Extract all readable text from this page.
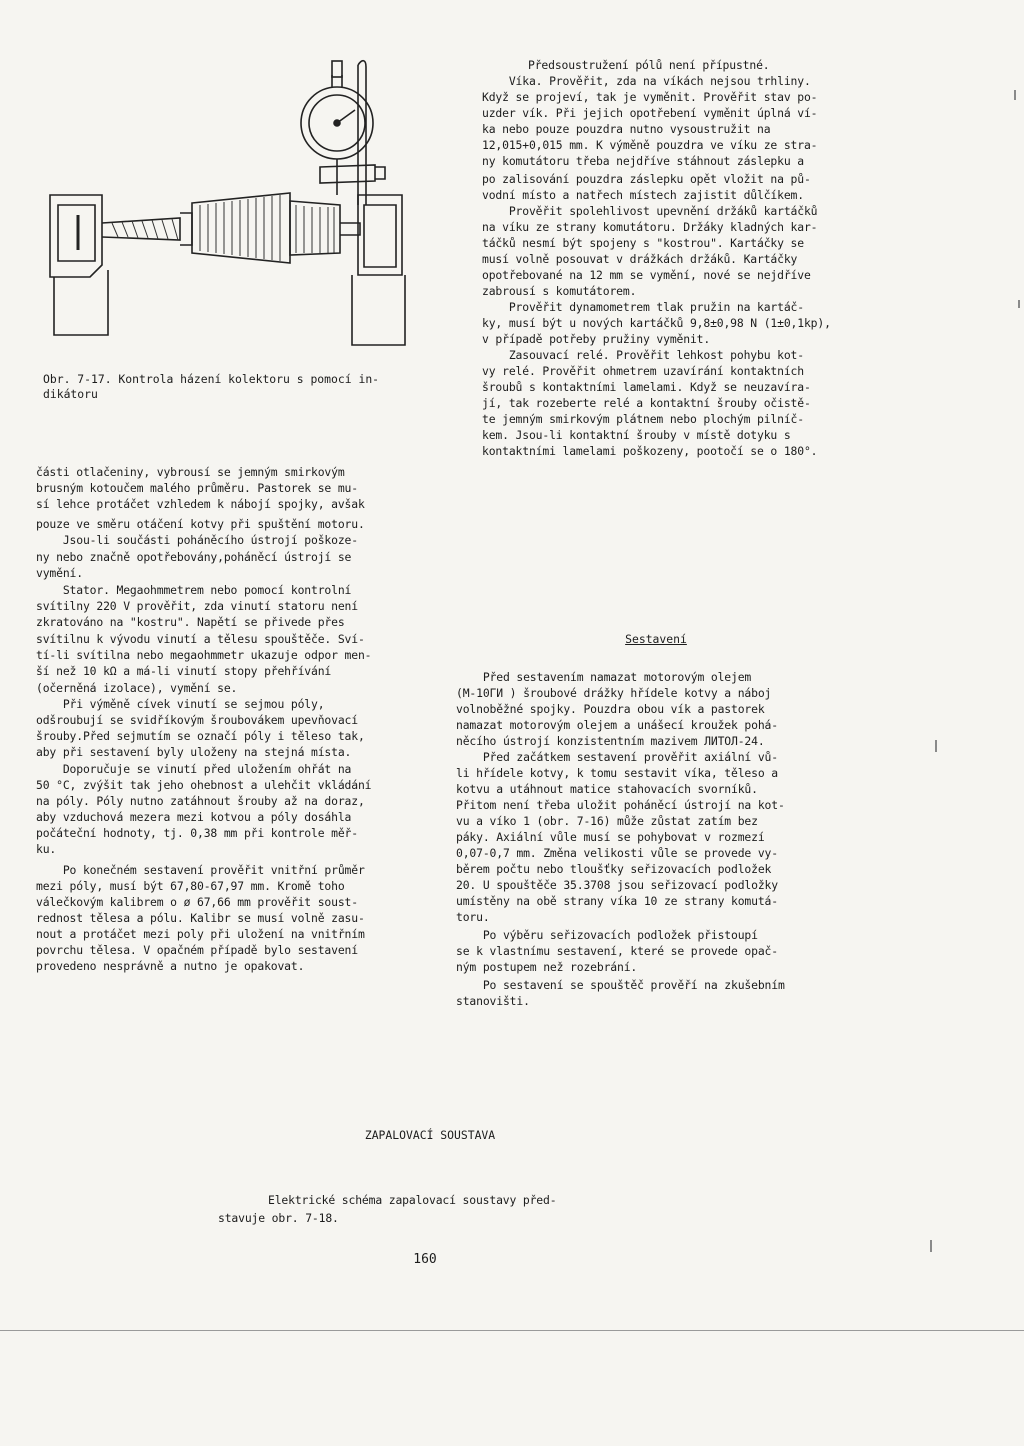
Obr. 7-17. Kontrola házení kolektoru s pomocí in-
dikátoru
části otlačeniny, vybrousí se jemným smirkovým
brusným kotoučem malého průměru. Pastorek se mu-
sí lehce protáčet vzhledem k nábojí spojky, avšak
pouze ve směru otáčení kotvy při spuštění motoru.
Jsou-li součásti poháněcího ústrojí poškoze-
ny nebo značně opotřebovány,poháněcí ústrojí se
vymění.
Stator. Megaohmmetrem nebo pomocí kontrolní
svítilny 220 V prověřit, zda vinutí statoru není
zkratováno na "kostru". Napětí se přivede přes
svítilnu k vývodu vinutí a tělesu spouštěče. Sví-
tí-li svítilna nebo megaohmmetr ukazuje odpor men-
ší než 10 kΩ a má-li vinutí stopy přehřívání
(očerněná izolace), vymění se.
Při výměně cívek vinutí se sejmou póly,
odšroubují se svidříkovým šroubovákem upevňovací
šrouby.Před sejmutím se označí póly i těleso tak,
aby při sestavení byly uloženy na stejná místa.
Doporučuje se vinutí před uložením ohřát na
50 °C, zvýšit tak jeho ohebnost a ulehčit vkládání
na póly. Póly nutno zatáhnout šrouby až na doraz,
aby vzduchová mezera mezi kotvou a póly dosáhla
počáteční hodnoty, tj. 0,38 mm při kontrole měř-
ku.
Po konečném sestavení prověřit vnitřní průměr
mezi póly, musí být 67,80-67,97 mm. Kromě toho
válečkovým kalibrem o ø 67,66 mm prověřit soust-
rednost tělesa a pólu. Kalibr se musí volně zasu-
nout a protáčet mezi poly při uložení na vnitřním
povrchu tělesa. V opačném případě bylo sestavení
provedeno nesprávně a nutno je opakovat.
Předsoustružení pólů není přípustné.
Víka. Prověřit, zda na víkách nejsou trhliny.
Když se projeví, tak je vyměnit. Prověřit stav po-
uzder vík. Při jejich opotřebení vyměnit úplná ví-
ka nebo pouze pouzdra nutno vysoustružit na
12,015+0,015 mm. K výměně pouzdra ve víku ze stra-
ny komutátoru třeba nejdříve stáhnout záslepku a
po zalisování pouzdra záslepku opět vložit na pů-
vodní místo a natřech místech zajistit důlčíkem.
Prověřit spolehlivost upevnění držáků kartáčků
na víku ze strany komutátoru. Držáky kladných kar-
táčků nesmí být spojeny s "kostrou". Kartáčky se
musí volně posouvat v drážkách držáků. Kartáčky
opotřebované na 12 mm se vymění, nové se nejdříve
zabrousí s komutátorem.
Prověřit dynamometrem tlak pružin na kartáč-
ky, musí být u nových kartáčků 9,8±0,98 N (1±0,1kp),
v případě potřeby pružiny vyměnit.
Zasouvací relé. Prověřit lehkost pohybu kot-
vy relé. Prověřit ohmetrem uzavírání kontaktních
šroubů s kontaktními lamelami. Když se neuzavíra-
jí, tak rozeberte relé a kontaktní šrouby očistě-
te jemným smirkovým plátnem nebo plochým pilníč-
kem. Jsou-li kontaktní šrouby v místě dotyku s
kontaktními lamelami poškozeny, pootočí se o 180°.
Sestavení
Před sestavením namazat motorovým olejem
(М-10ГИ ) šroubové drážky hřídele kotvy a náboj
volnoběžné spojky. Pouzdra obou vík a pastorek
namazat motorovým olejem a unášecí kroužek pohá-
něcího ústrojí konzistentním mazivem ЛИТОЛ-24.
Před začátkem sestavení prověřit axiální vů-
li hřídele kotvy, k tomu sestavit víka, těleso a
kotvu a utáhnout matice stahovacích svorníků.
Přitom není třeba uložit poháněcí ústrojí na kot-
vu a víko 1 (obr. 7-16) může zůstat zatím bez
páky. Axiální vůle musí se pohybovat v rozmezí
0,07-0,7 mm. Změna velikosti vůle se provede vy-
běrem počtu nebo tloušťky seřizovacích podložek
20. U spouštěče 35.3708 jsou seřizovací podložky
umístěny na obě strany víka 10 ze strany komutá-
toru.
Po výběru seřizovacích podložek přistoupí
se k vlastnímu sestavení, které se provede opač-
ným postupem než rozebrání.
Po sestavení se spouštěč prověří na zkušebním
stanovišti.
ZAPALOVACÍ SOUSTAVA
Elektrické schéma zapalovací soustavy před-
stavuje obr. 7-18.
160
